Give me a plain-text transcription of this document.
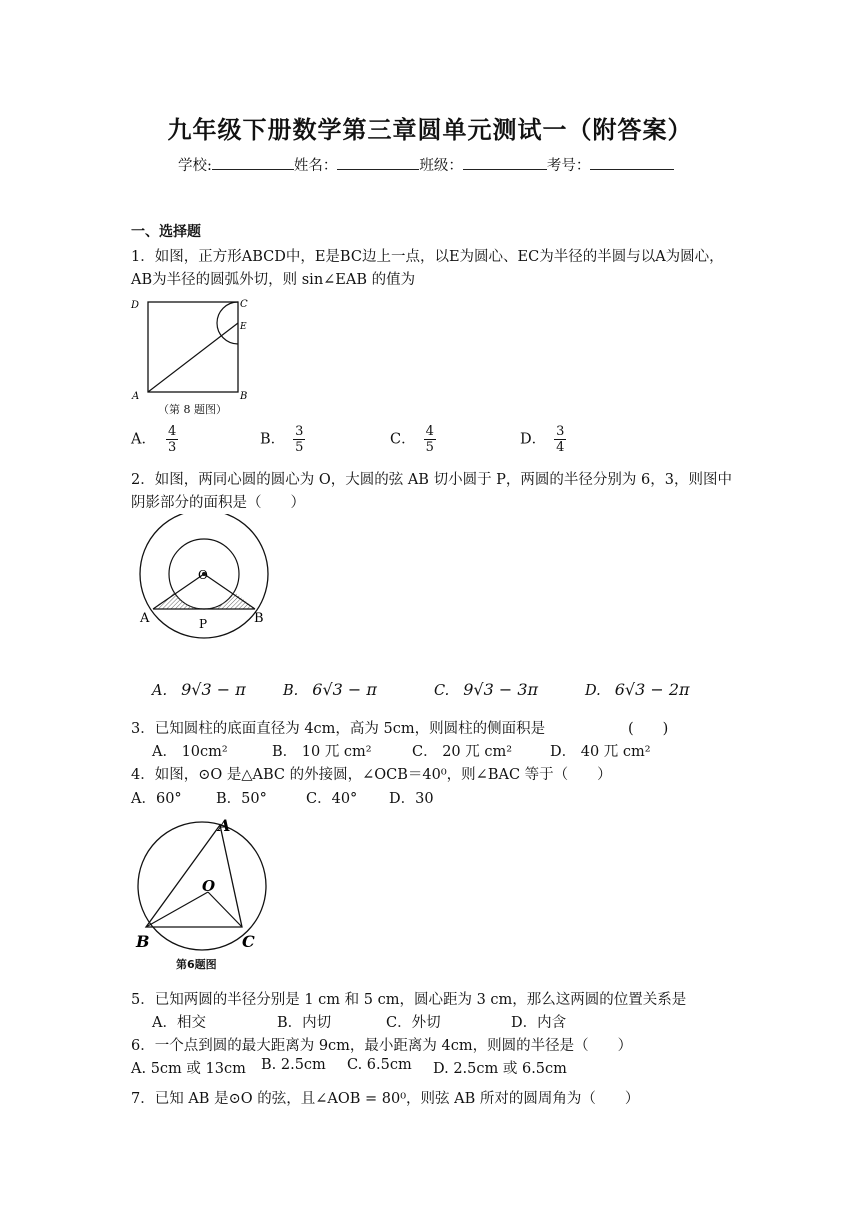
九年级下册数学第三章圆单元测试一（附答案）
学校:	姓名：	班级：	考号：
一、选择题
1．如图，正方形ABCD中，E是BC边上一点，以E为圆心、EC为半径的半圆与以A为圆心，
AB为半径的圆弧外切，则 sin∠EAB 的值为
D	C
E
A	B
（第 8 题图）
A． $\frac{4}{3}$	B． $\frac{3}{5}$	C． $\frac{4}{5}$	D． $\frac{3}{4}$
2．如图，两同心圆的圆心为 O，大圆的弦 AB 切小圆于 P，两圆的半径分别为 6，3，则图中
阴影部分的面积是（　　）
O
A	B
P
A. 9√3 − π	B. 6√3 − π	C. 9√3 − 3π	D. 6√3 − 2π
3．已知圆柱的底面直径为 4cm，高为 5cm，则圆柱的侧面积是	(　　)
A． 10cm²	B． 10 兀 cm²	C． 20 兀 cm²	D． 40 兀 cm²
4．如图，⊙O 是△ABC 的外接圆，∠OCB＝40⁰，则∠BAC 等于（　　）
A．60° B．50°	C．40° D．30
A
O
B	C
第6题图
5．已知两圆的半径分别是 1 cm 和 5 cm，圆心距为 3 cm，那么这两圆的位置关系是
A．相交	B．内切	C．外切	D．内含
6．一个点到圆的最大距离为 9cm，最小距离为 4cm，则圆的半径是（　　）
A. 5cm 或 13cm B. 2.5cm C. 6.5cm D. 2.5cm 或 6.5cm
7．已知 AB 是⊙O 的弦，且∠AOB = 80⁰，则弦 AB 所对的圆周角为（　　）
